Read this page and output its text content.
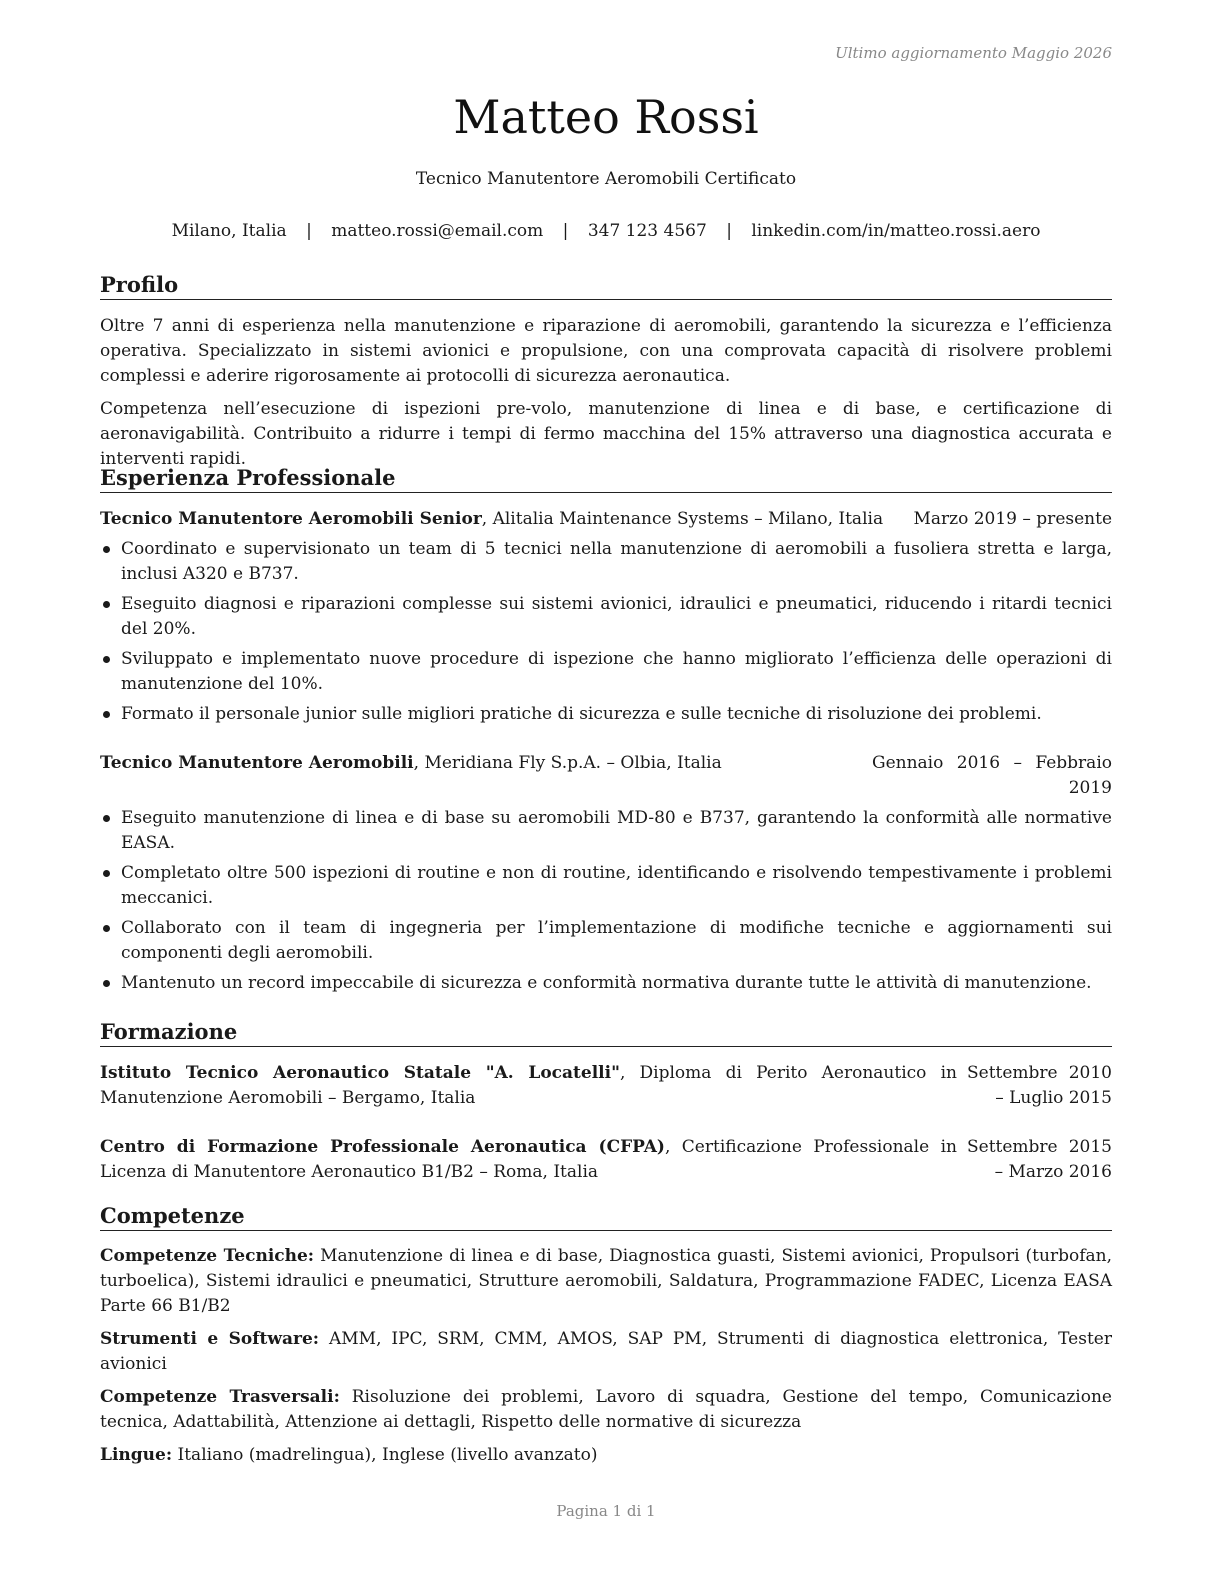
Ultimo aggiornamento Maggio 2026
Matteo Rossi
Tecnico Manutentore Aeromobili Certificato
Milano, Italia | matteo.rossi@email.com | 347 123 4567 | linkedin.com/in/matteo.rossi.aero
Profilo

Oltre 7 anni di esperienza nella manutenzione e riparazione di aeromobili, garantendo la sicurezza e l’efficienza operativa. Specializzato in sistemi avionici e propulsione, con una comprovata capacità di risolvere problemi complessi e aderire rigorosamente ai protocolli di sicurezza aeronautica.

Competenza nell’esecuzione di ispezioni pre-volo, manutenzione di linea e di base, e certificazione di aeronavigabilità. Contribuito a ridurre i tempi di fermo macchina del 15% attraverso una diagnostica accurata e interventi rapidi.

Esperienza Professionale
Tecnico Manutentore Aeromobili Senior, Alitalia Maintenance Systems – Milano, Italia	Marzo 2019 – presente
Coordinato e supervisionato un team di 5 tecnici nella manutenzione di aeromobili a fusoliera stretta e larga, inclusi A320 e B737.
Eseguito diagnosi e riparazioni complesse sui sistemi avionici, idraulici e pneumatici, riducendo i ritardi tecnici del 20%.
Sviluppato e implementato nuove procedure di ispezione che hanno migliorato l’efficienza delle operazioni di manutenzione del 10%.
Formato il personale junior sulle migliori pratiche di sicurezza e sulle tecniche di risoluzione dei problemi.
Tecnico Manutentore Aeromobili, Meridiana Fly S.p.A. – Olbia, Italia	Gennaio 2016 – Febbraio 2019
Eseguito manutenzione di linea e di base su aeromobili MD-80 e B737, garantendo la conformità alle normative EASA.
Completato oltre 500 ispezioni di routine e non di routine, identificando e risolvendo tempestivamente i problemi meccanici.
Collaborato con il team di ingegneria per l’implementazione di modifiche tecniche e aggiornamenti sui componenti degli aeromobili.
Mantenuto un record impeccabile di sicurezza e conformità normativa durante tutte le attività di manutenzione.
Formazione
Istituto Tecnico Aeronautico Statale "A. Locatelli", Diploma di Perito Aeronautico in Manutenzione Aeromobili – Bergamo, Italia
Settembre 2010 – Luglio 2015
Centro di Formazione Professionale Aeronautica (CFPA), Certificazione Professionale in Licenza di Manutentore Aeronautico B1/B2 – Roma, Italia
Settembre 2015 – Marzo 2016
Competenze

Competenze Tecniche: Manutenzione di linea e di base, Diagnostica guasti, Sistemi avionici, Propulsori (turbofan, turboelica), Sistemi idraulici e pneumatici, Strutture aeromobili, Saldatura, Programmazione FADEC, Licenza EASA Parte 66 B1/B2

Strumenti e Software: AMM, IPC, SRM, CMM, AMOS, SAP PM, Strumenti di diagnostica elettronica, Tester avionici

Competenze Trasversali: Risoluzione dei problemi, Lavoro di squadra, Gestione del tempo, Comunicazione tecnica, Adattabilità, Attenzione ai dettagli, Rispetto delle normative di sicurezza

Lingue: Italiano (madrelingua), Inglese (livello avanzato)

Pagina 1 di 1
